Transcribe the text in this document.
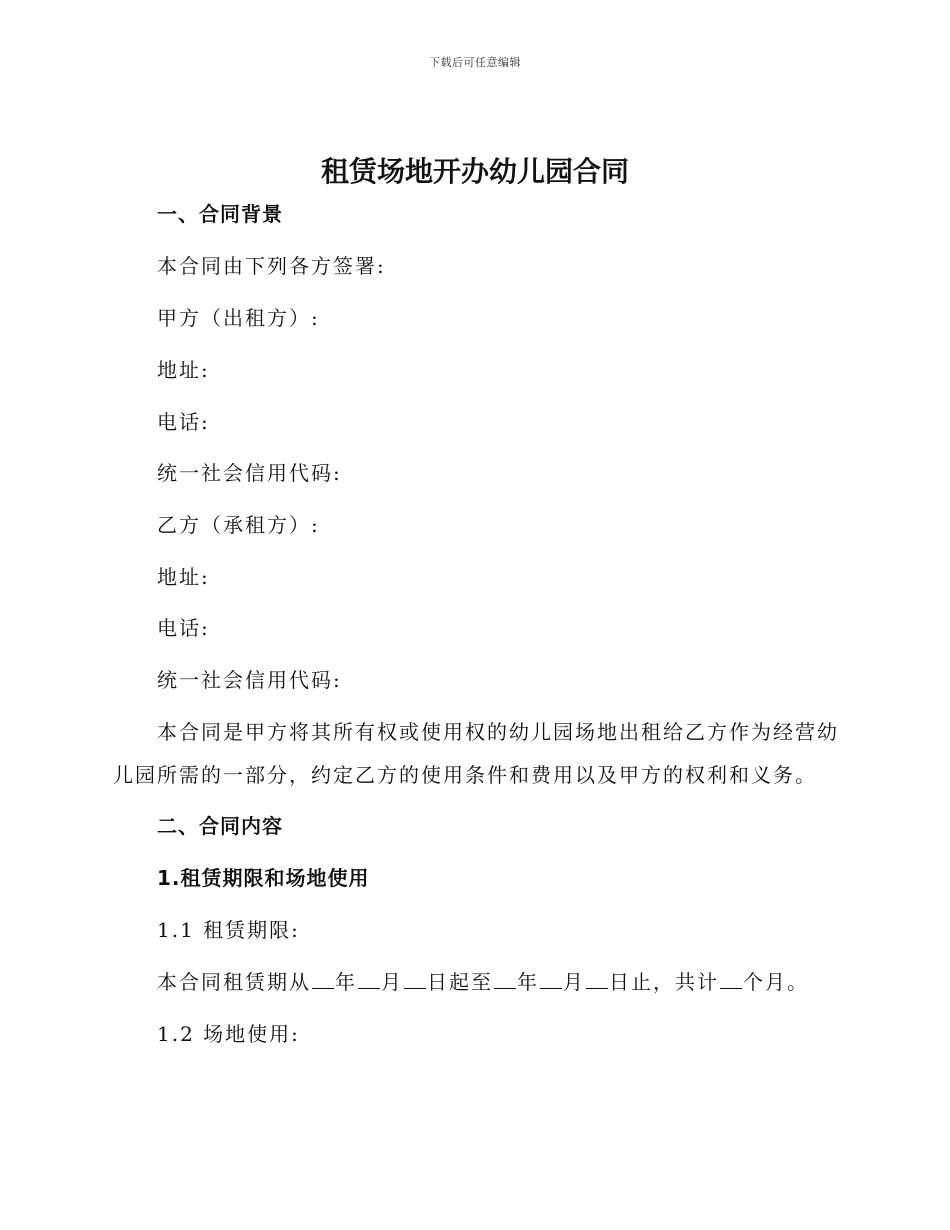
下载后可任意编辑
租赁场地开办幼儿园合同
一、合同背景
本合同由下列各方签署:
甲方（出租方）:
地址:
电话:
统一社会信用代码:
乙方（承租方）:
地址:
电话:
统一社会信用代码:
本合同是甲方将其所有权或使用权的幼儿园场地出租给乙方作为经营幼
儿园所需的一部分，约定乙方的使用条件和费用以及甲方的权利和义务。
二、合同内容
1.租赁期限和场地使用
1.1 租赁期限:
本合同租赁期从 年 月 日起至 年 月 日止，共计 个月。
1.2 场地使用:
